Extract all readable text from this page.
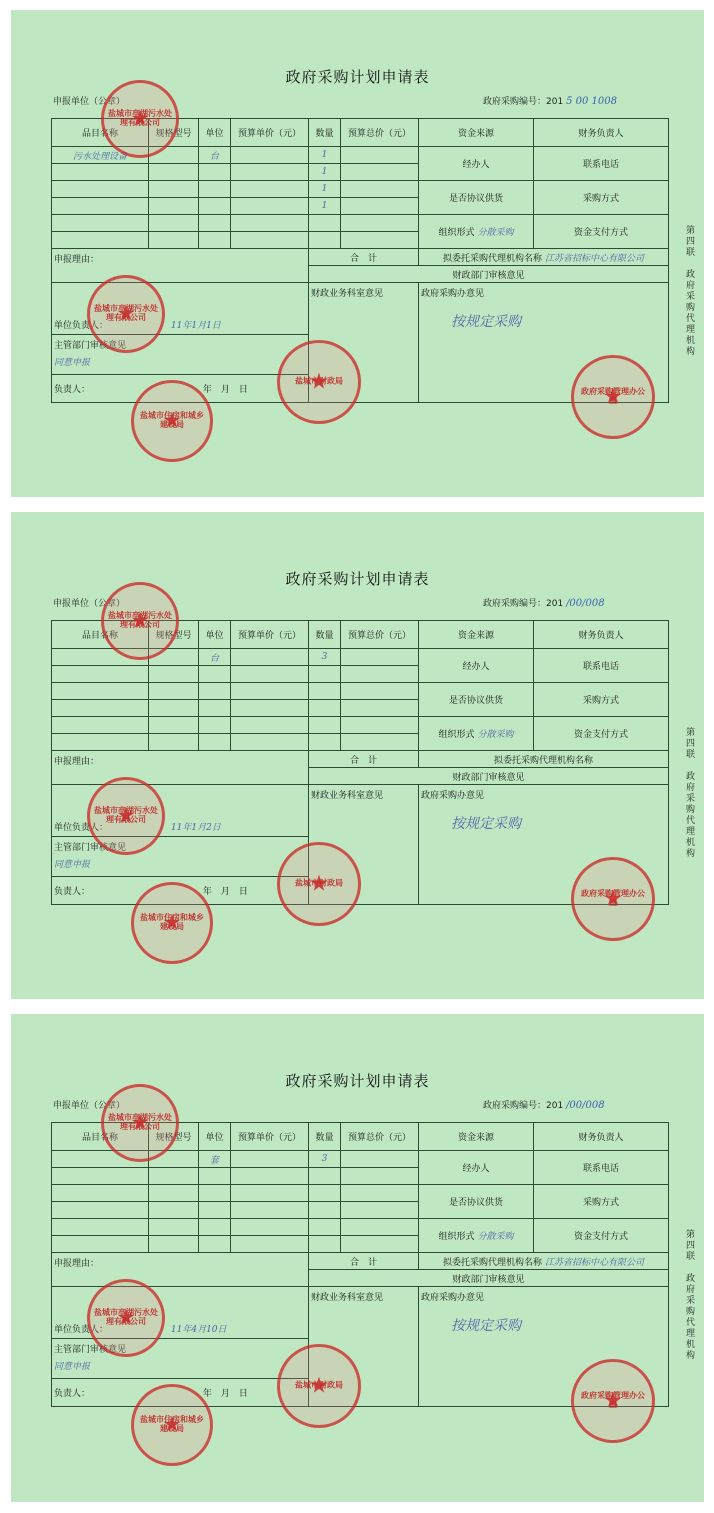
政府采购计划申请表
申报单位（公章）	政府采购编号：201 5 00 1008
品目名称	规格型号	单位	预算单价（元）	数量	预算总价（元）	资金来源	财务负责人
污水处理设备		台		1		经办人	联系电话
				1			
				1		是否协议供货	采购方式
				1			
						组织形式 分散采购	资金支付方式

申报理由：				合　计		拟委托采购代理机构名称 江苏省招标中心有限公司	
				财政部门审核意见			
单位负责人： 11年1月1日				财政业务科室意见		政府采购办意见
按规定采购	

主管部门审核意见
同意申报							

负责人： 年　月　日							
第四联　政府采购代理机构
盐城市亭湖污水处理有限公司
★
盐城市亭湖污水处理有限公司
★
盐城市住房和城乡建设局
★
盐城市财政局
★
政府采购管理办公室
★
政府采购计划申请表
申报单位（公章）	政府采购编号：201 /00/008
品目名称	规格型号	单位	预算单价（元）	数量	预算总价（元）	资金来源	财务负责人
		台		3		经办人	联系电话

						是否协议供货	采购方式

						组织形式 分散采购	资金支付方式

申报理由：				合　计		拟委托采购代理机构名称	
				财政部门审核意见			
单位负责人： 11年1月2日				财政业务科室意见		政府采购办意见
按规定采购	

主管部门审核意见
同意申报							

负责人： 年　月　日							
第四联　政府采购代理机构
盐城市亭湖污水处理有限公司
★
盐城市亭湖污水处理有限公司
★
盐城市住房和城乡建设局
★
盐城市财政局
★
政府采购管理办公室
★
政府采购计划申请表
申报单位（公章）	政府采购编号：201 /00/008
品目名称	规格型号	单位	预算单价（元）	数量	预算总价（元）	资金来源	财务负责人
		套		3		经办人	联系电话

						是否协议供货	采购方式

						组织形式 分散采购	资金支付方式

申报理由：				合　计		拟委托采购代理机构名称 江苏省招标中心有限公司	
				财政部门审核意见			
单位负责人： 11年4月10日				财政业务科室意见		政府采购办意见
按规定采购	

主管部门审核意见
同意申报							

负责人： 年　月　日							
第四联　政府采购代理机构
盐城市亭湖污水处理有限公司
★
盐城市亭湖污水处理有限公司
★
盐城市住房和城乡建设局
★
盐城市财政局
★
政府采购管理办公室
★
